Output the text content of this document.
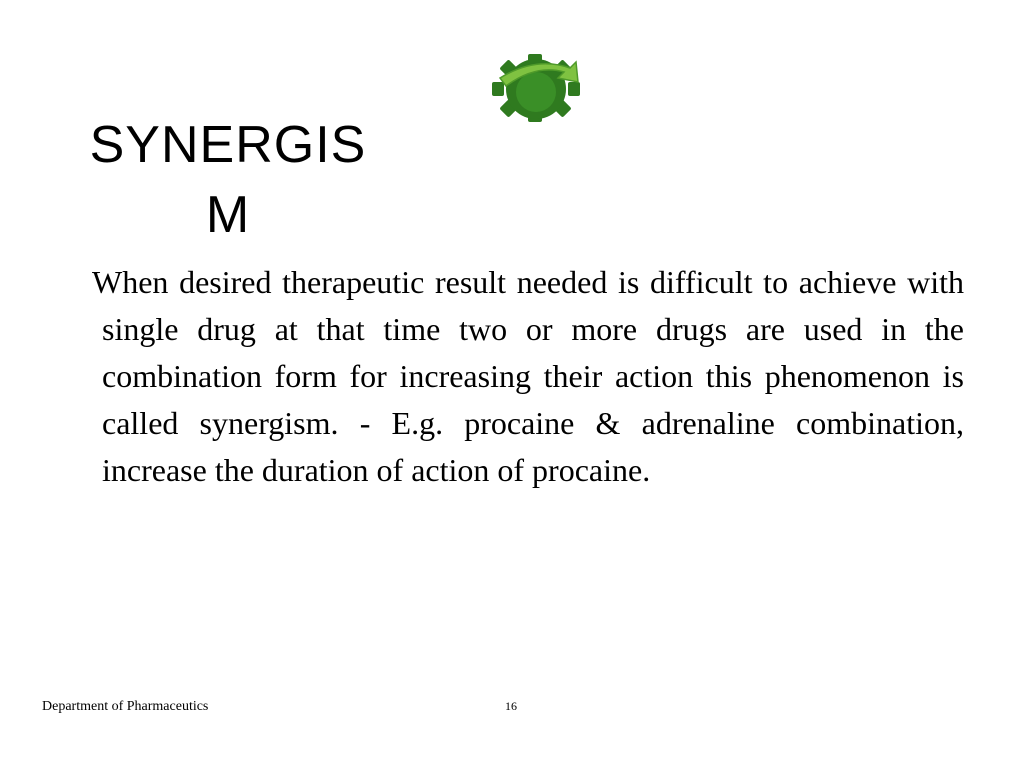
SYNERGIS
M

When desired therapeutic result needed is difficult to achieve with single drug at that time two or more drugs are used in the combination form for increasing their action this phenomenon is called synergism. - E.g. procaine & adrenaline combination, increase the duration of action of procaine.

Department of Pharmaceutics	16
